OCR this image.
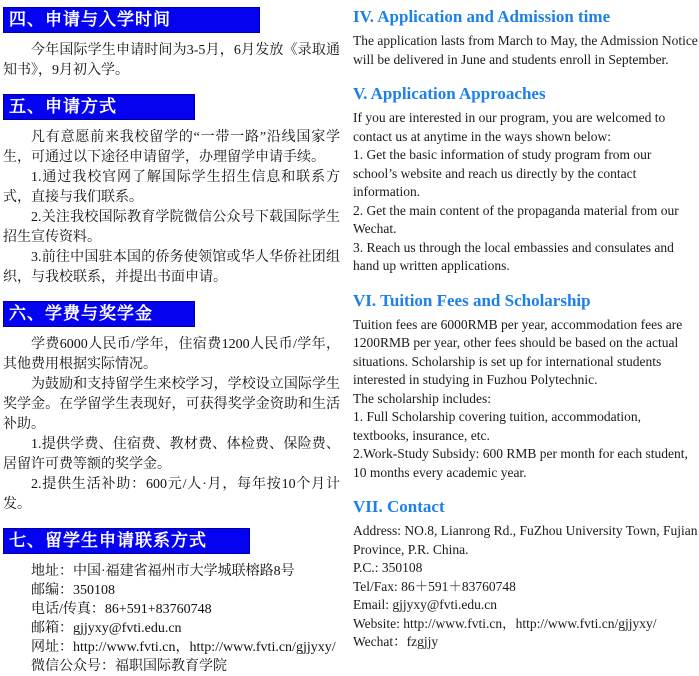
四、申请与入学时间

今年国际学生申请时间为3-5月，6月发放《录取通知书》，9月初入学。

五、申请方式

凡有意愿前来我校留学的“一带一路”沿线国家学生，可通过以下途径申请留学，办理留学申请手续。

1.通过我校官网了解国际学生招生信息和联系方式，直接与我们联系。

2.关注我校国际教育学院微信公众号下载国际学生招生宣传资料。

3.前往中国驻本国的侨务使领馆或华人华侨社团组织，与我校联系，并提出书面申请。

六、学费与奖学金

学费6000人民币/学年，住宿费1200人民币/学年，其他费用根据实际情况。

为鼓励和支持留学生来校学习，学校设立国际学生奖学金。在学留学生表现好，可获得奖学金资助和生活补助。

1.提供学费、住宿费、教材费、体检费、保险费、居留许可费等额的奖学金。

2.提供生活补助：600元/人·月，每年按10个月计发。

七、留学生申请联系方式

地址：中国·福建省福州市大学城联榕路8号

邮编：350108

电话/传真：86+591+83760748

邮箱：gjjyxy@fvti.edu.cn

网址：http://www.fvti.cn，http://www.fvti.cn/gjjyxy/

微信公众号：福职国际教育学院

IV. Application and Admission time

The application lasts from March to May, the Admission Notice will be delivered in June and students enroll in September.

V. Application Approaches

If you are interested in our program, you are welcomed to contact us at anytime in the ways shown below:

1. Get the basic information of study program from our school’s website and reach us directly by the contact information.

2. Get the main content of the propaganda material from our Wechat.

3. Reach us through the local embassies and consulates and hand up written applications.

VI. Tuition Fees and Scholarship

Tuition fees are 6000RMB per year, accommodation fees are 1200RMB per year, other fees should be based on the actual situations. Scholarship is set up for international students interested in studying in Fuzhou Polytechnic.

The scholarship includes:

1. Full Scholarship covering tuition, accommodation, textbooks, insurance, etc.

2.Work-Study Subsidy: 600 RMB per month for each student, 10 months every academic year.

VII. Contact

Address: NO.8, Lianrong Rd., FuZhou University Town, Fujian Province, P.R. China.

P.C.: 350108

Tel/Fax: 86＋591＋83760748

Email: gjjyxy@fvti.edu.cn

Website: http://www.fvti.cn，http://www.fvti.cn/gjjyxy/

Wechat：fzgjjy
